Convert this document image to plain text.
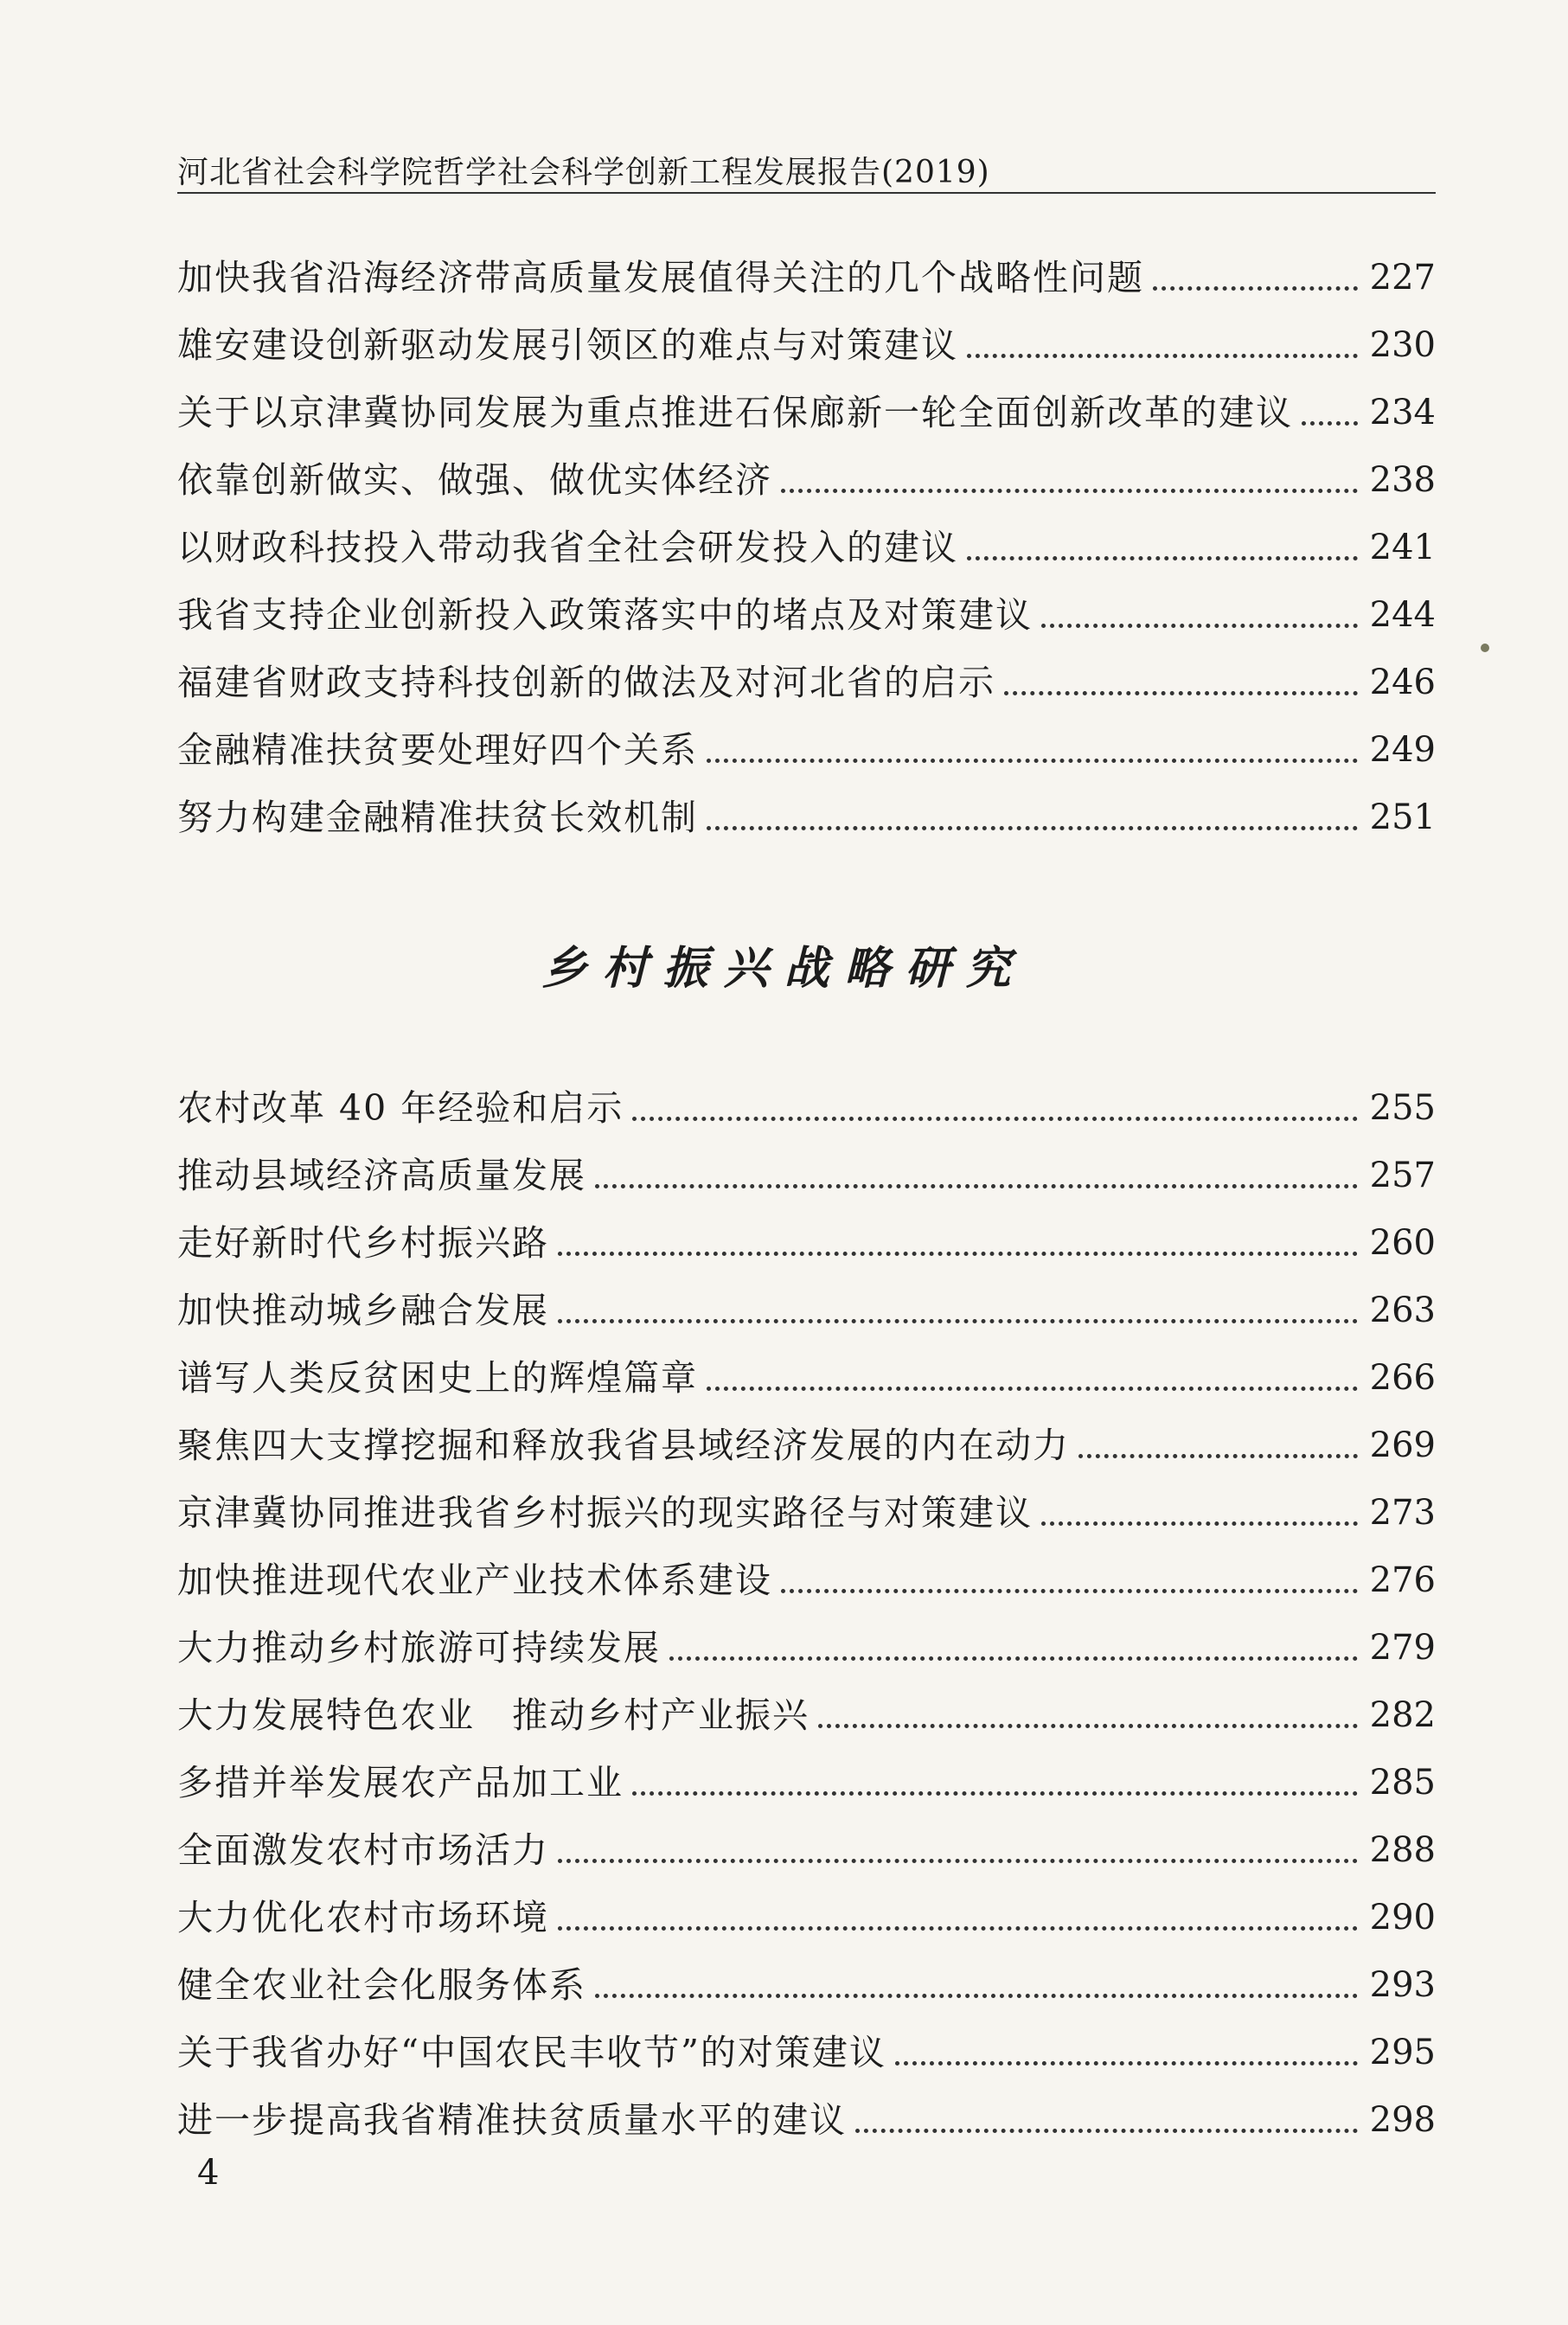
河北省社会科学院哲学社会科学创新工程发展报告(2019)
加快我省沿海经济带高质量发展值得关注的几个战略性问题	227
雄安建设创新驱动发展引领区的难点与对策建议	230
关于以京津冀协同发展为重点推进石保廊新一轮全面创新改革的建议 234
依靠创新做实、做强、做优实体经济	238
以财政科技投入带动我省全社会研发投入的建议	241
我省支持企业创新投入政策落实中的堵点及对策建议	244
福建省财政支持科技创新的做法及对河北省的启示	246
金融精准扶贫要处理好四个关系	249
努力构建金融精准扶贫长效机制	251
乡村振兴战略研究
农村改革 40 年经验和启示	255
推动县域经济高质量发展	257
走好新时代乡村振兴路	260
加快推动城乡融合发展	263
谱写人类反贫困史上的辉煌篇章	266
聚焦四大支撑挖掘和释放我省县域经济发展的内在动力	269
京津冀协同推进我省乡村振兴的现实路径与对策建议	273
加快推进现代农业产业技术体系建设	276
大力推动乡村旅游可持续发展	279
大力发展特色农业　推动乡村产业振兴	282
多措并举发展农产品加工业	285
全面激发农村市场活力	288
大力优化农村市场环境	290
健全农业社会化服务体系	293
关于我省办好“中国农民丰收节”的对策建议	295
进一步提高我省精准扶贫质量水平的建议	298
4
